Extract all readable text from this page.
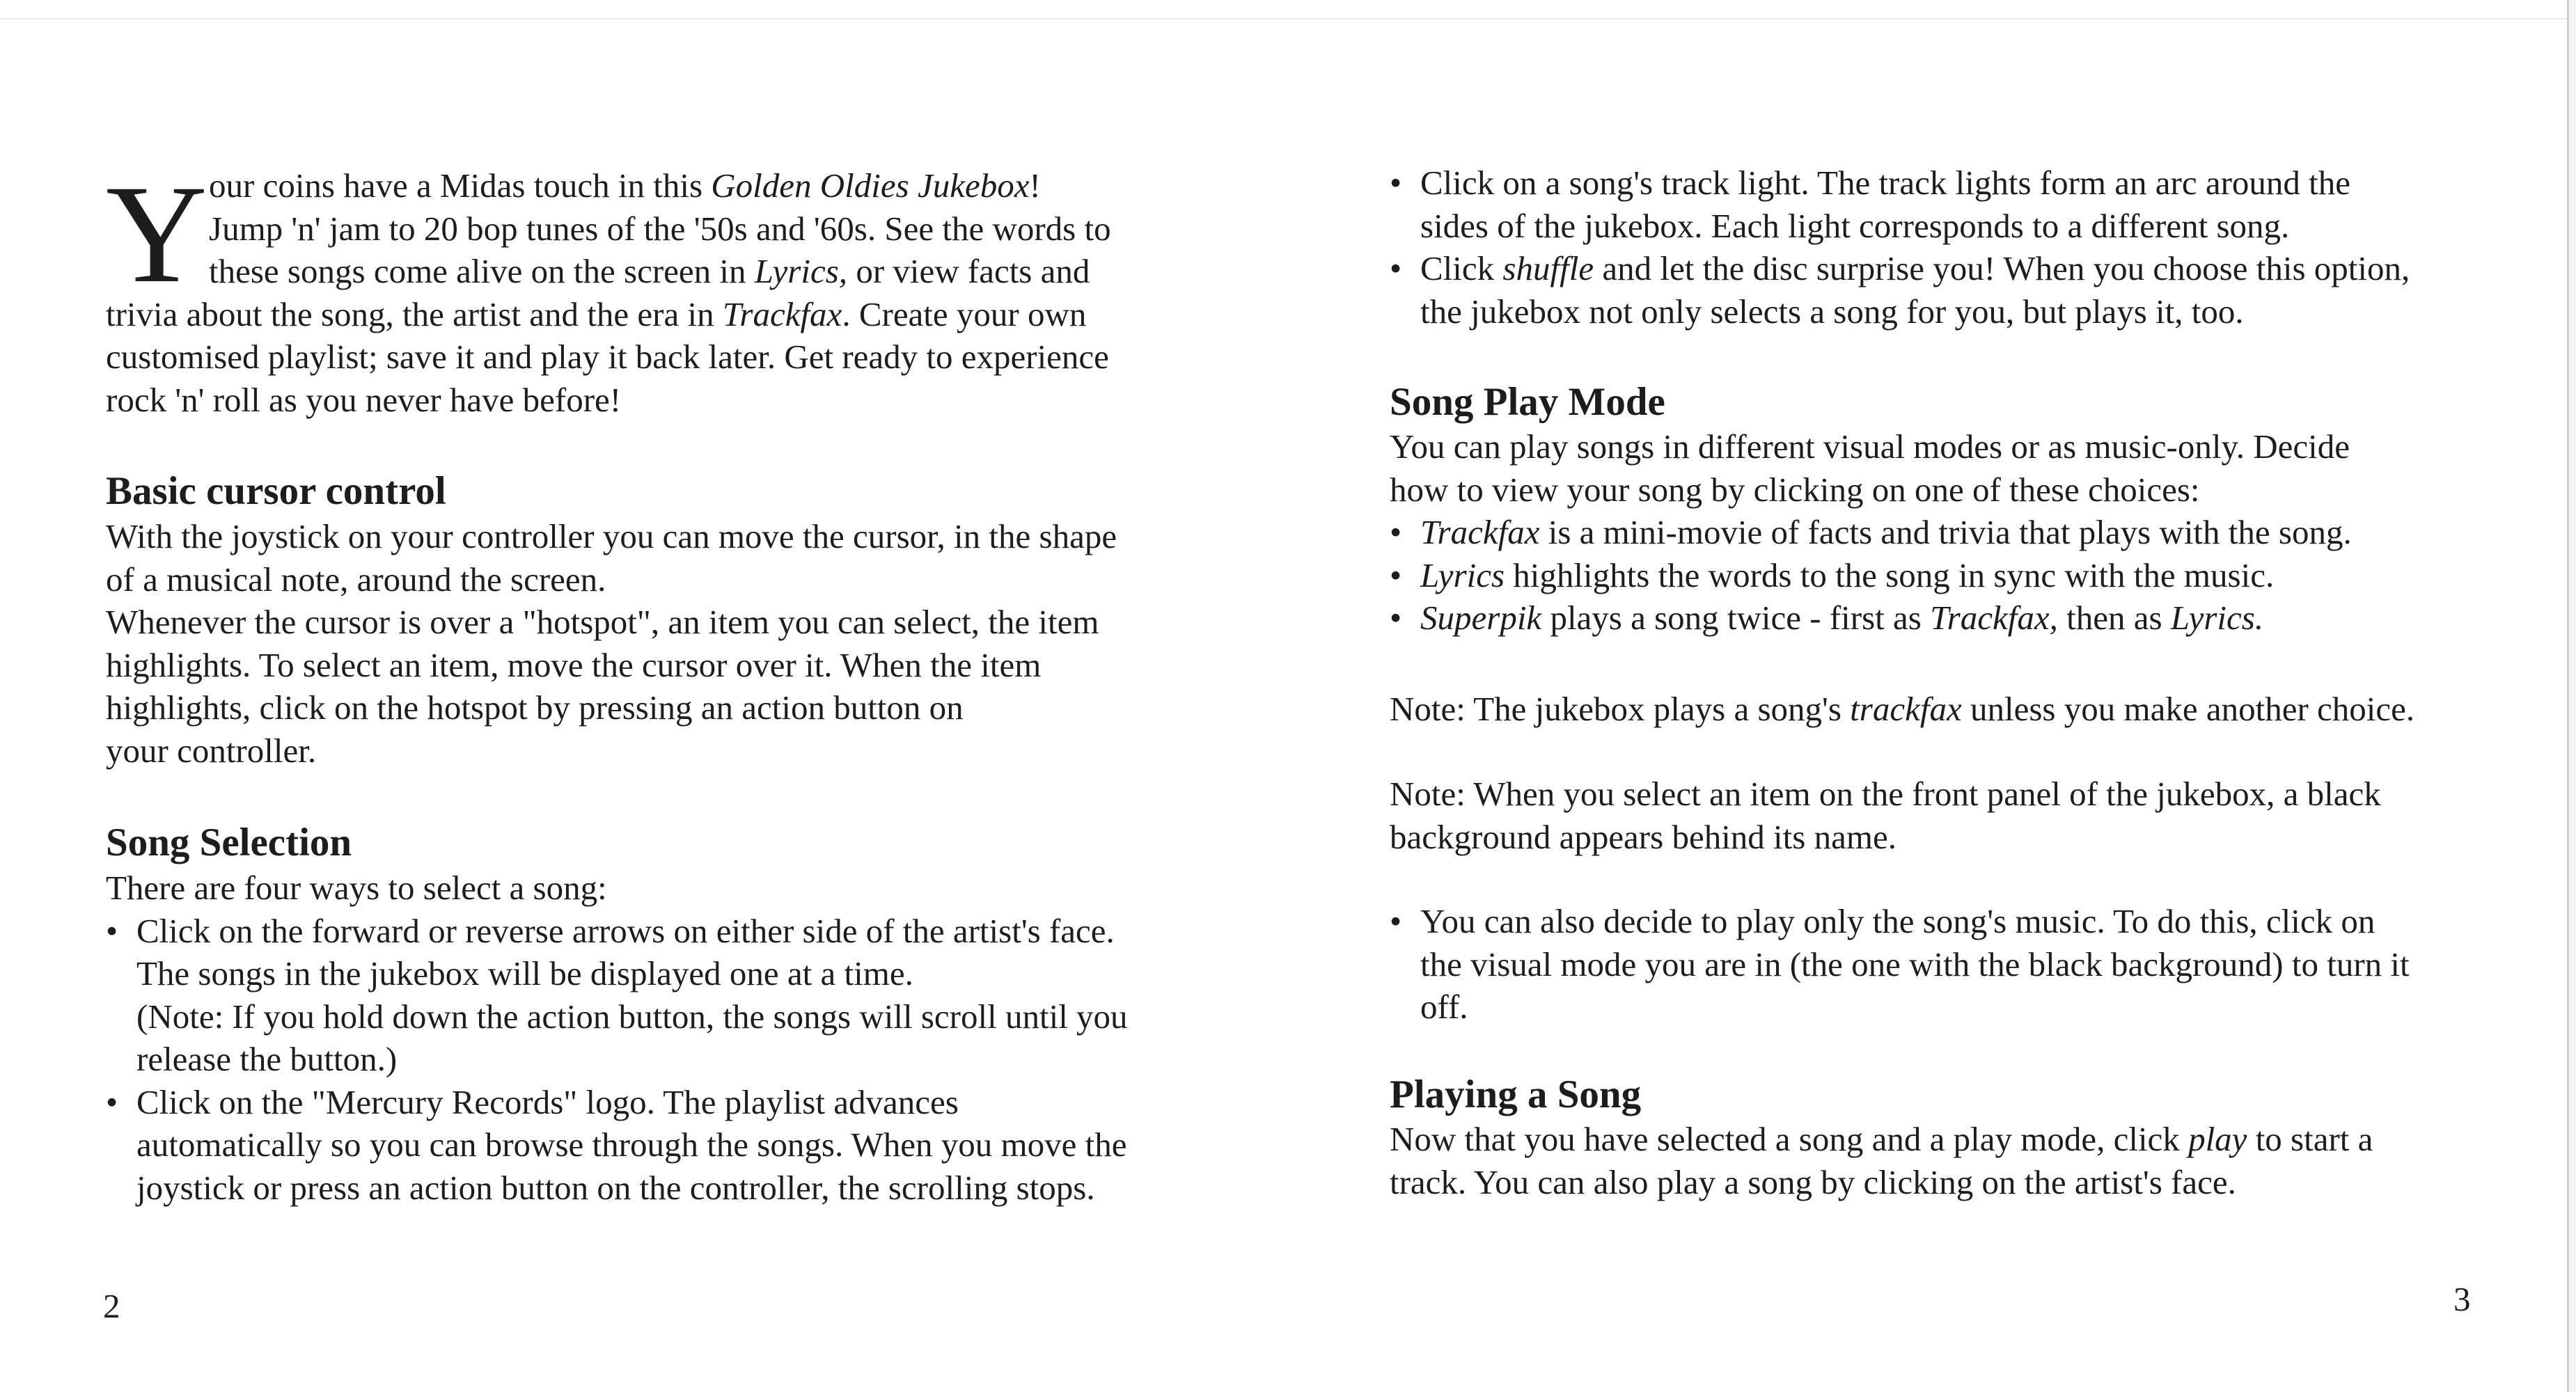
Y our coins have a Midas touch in this Golden Oldies Jukebox!

Jump 'n' jam to 20 bop tunes of the '50s and '60s. See the words to

these songs come alive on the screen in Lyrics, or view facts and

trivia about the song, the artist and the era in Trackfax. Create your own

customised playlist; save it and play it back later. Get ready to experience

rock 'n' roll as you never have before!

Basic cursor control

With the joystick on your controller you can move the cursor, in the shape

of a musical note, around the screen.

Whenever the cursor is over a "hotspot", an item you can select, the item

highlights. To select an item, move the cursor over it. When the item

highlights, click on the hotspot by pressing an action button on

your controller.

Song Selection

There are four ways to select a song:

• Click on the forward or reverse arrows on either side of the artist's face.
The songs in the jukebox will be displayed one at a time.
(Note: If you hold down the action button, the songs will scroll until you
release the button.)
• Click on the "Mercury Records" logo. The playlist advances
automatically so you can browse through the songs. When you move the
joystick or press an action button on the controller, the scrolling stops.
2
• Click on a song's track light. The track lights form an arc around the
sides of the jukebox. Each light corresponds to a different song.
• Click shuffle and let the disc surprise you! When you choose this option,
the jukebox not only selects a song for you, but plays it, too.
Song Play Mode

You can play songs in different visual modes or as music-only. Decide

how to view your song by clicking on one of these choices:

• Trackfax is a mini-movie of facts and trivia that plays with the song.
• Lyrics highlights the words to the song in sync with the music.
• Superpik plays a song twice - first as Trackfax, then as Lyrics.

Note: The jukebox plays a song's trackfax unless you make another choice.

Note: When you select an item on the front panel of the jukebox, a black

background appears behind its name.

• You can also decide to play only the song's music. To do this, click on
the visual mode you are in (the one with the black background) to turn it
off.
Playing a Song

Now that you have selected a song and a play mode, click play to start a

track. You can also play a song by clicking on the artist's face.

3
